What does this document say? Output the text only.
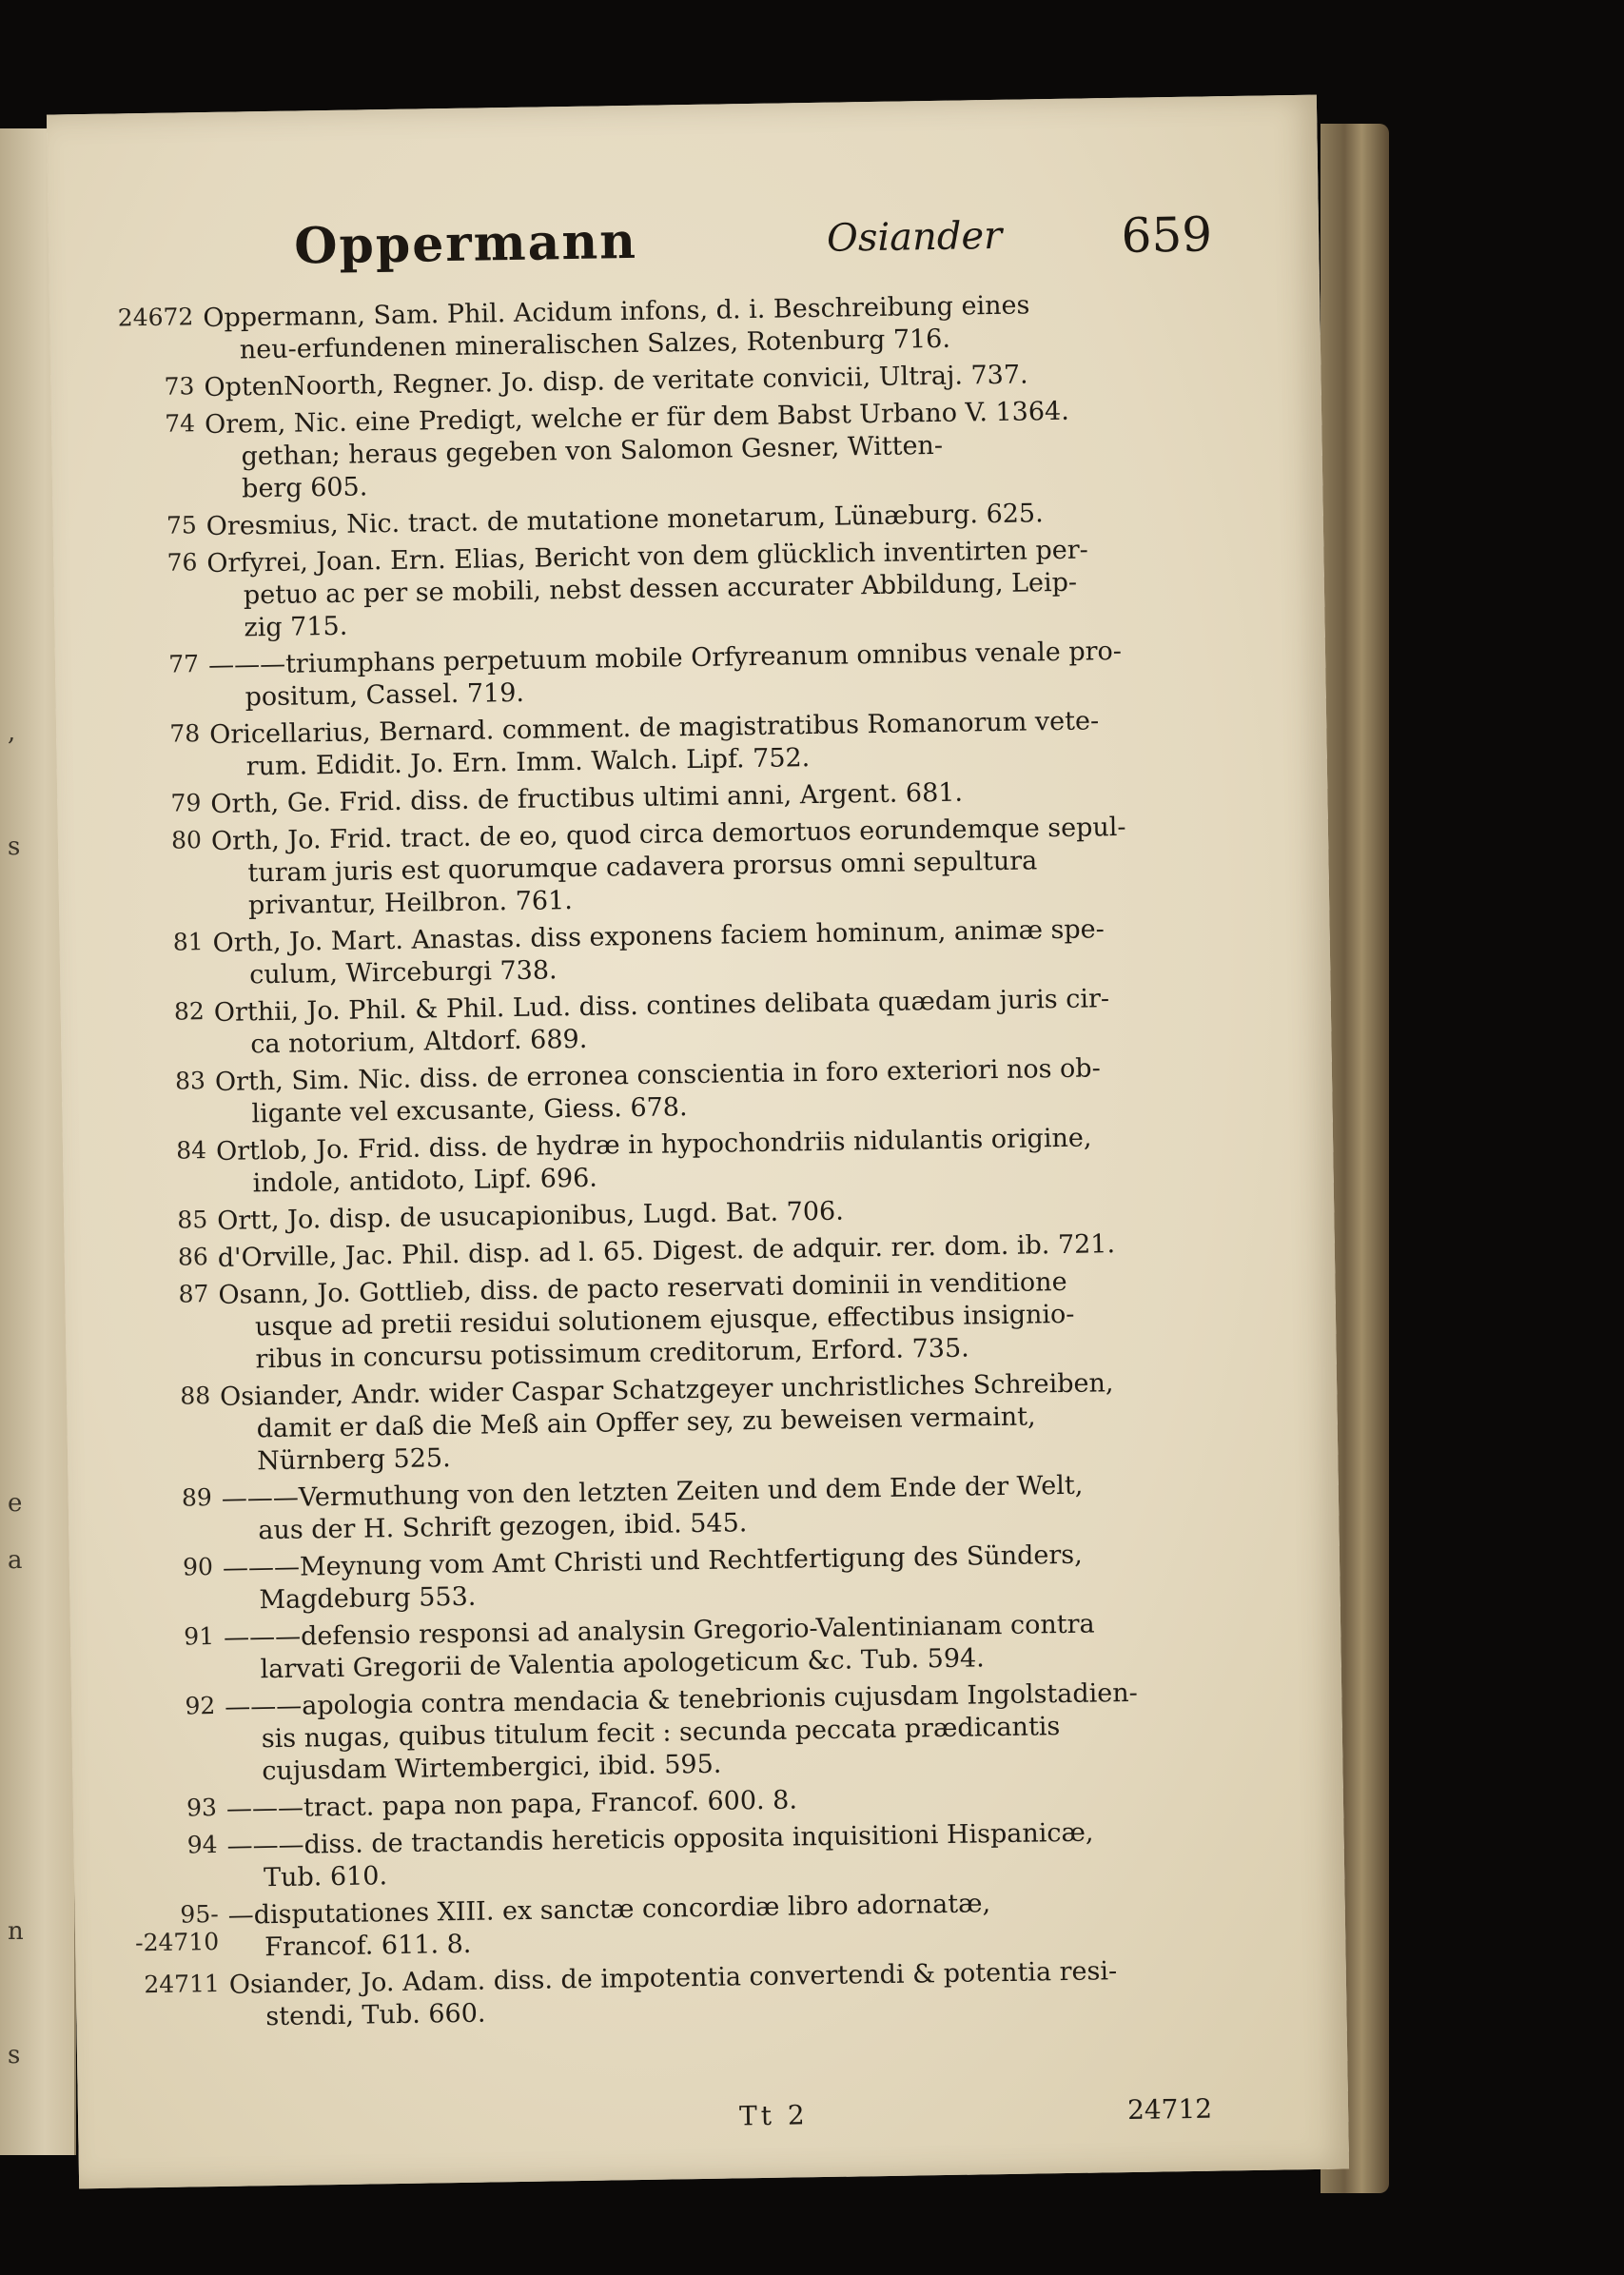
,
s
e
a
n
s
Oppermann	Osiander 659
24672 Oppermann, Sam. Phil. Acidum infons, d. i. Beschreibung eines
neu-erfundenen mineralischen Salzes, Rotenburg 716.
73 OptenNoorth, Regner. Jo. disp. de veritate convicii, Ultraj. 737.
74 Orem, Nic. eine Predigt, welche er für dem Babst Urbano V. 1364.
gethan; heraus gegeben von Salomon Gesner, Witten-
berg 605.
75 Oresmius, Nic. tract. de mutatione monetarum, Lünæburg. 625.
76 Orfyrei, Joan. Ern. Elias, Bericht von dem glücklich inventirten per-
petuo ac per se mobili, nebst dessen accurater Abbildung, Leip-
zig 715.
77 ———triumphans perpetuum mobile Orfyreanum omnibus venale pro-
positum, Cassel. 719.
78 Oricellarius, Bernard. comment. de magistratibus Romanorum vete-
rum. Edidit. Jo. Ern. Imm. Walch. Lipf. 752.
79 Orth, Ge. Frid. diss. de fructibus ultimi anni, Argent. 681.
80 Orth, Jo. Frid. tract. de eo, quod circa demortuos eorundemque sepul-
turam juris est quorumque cadavera prorsus omni sepultura
privantur, Heilbron. 761.
81 Orth, Jo. Mart. Anastas. diss exponens faciem hominum, animæ spe-
culum, Wirceburgi 738.
82 Orthii, Jo. Phil. & Phil. Lud. diss. contines delibata quædam juris cir-
ca notorium, Altdorf. 689.
83 Orth, Sim. Nic. diss. de erronea conscientia in foro exteriori nos ob-
ligante vel excusante, Giess. 678.
84 Ortlob, Jo. Frid. diss. de hydræ in hypochondriis nidulantis origine,
indole, antidoto, Lipf. 696.
85 Ortt, Jo. disp. de usucapionibus, Lugd. Bat. 706.
86 d'Orville, Jac. Phil. disp. ad l. 65. Digest. de adquir. rer. dom. ib. 721.
87 Osann, Jo. Gottlieb, diss. de pacto reservati dominii in venditione
usque ad pretii residui solutionem ejusque, effectibus insignio-
ribus in concursu potissimum creditorum, Erford. 735.
88 Osiander, Andr. wider Caspar Schatzgeyer unchristliches Schreiben,
damit er daß die Meß ain Opffer sey, zu beweisen vermaint,
Nürnberg 525.
89 ———Vermuthung von den letzten Zeiten und dem Ende der Welt,
aus der H. Schrift gezogen, ibid. 545.
90 ———Meynung vom Amt Christi und Rechtfertigung des Sünders,
Magdeburg 553.
91 ———defensio responsi ad analysin Gregorio-Valentinianam contra
larvati Gregorii de Valentia apologeticum &c. Tub. 594.
92 ———apologia contra mendacia & tenebrionis cujusdam Ingolstadien-
sis nugas, quibus titulum fecit : secunda peccata prædicantis
cujusdam Wirtembergici, ibid. 595.
93 ———tract. papa non papa, Francof. 600. 8.
94 ———diss. de tractandis hereticis opposita inquisitioni Hispanicæ,
Tub. 610.
95--24710
—disputationes XIII. ex sanctæ concordiæ libro adornatæ,
Francof. 611. 8.
24711 Osiander, Jo. Adam. diss. de impotentia convertendi & potentia resi-
stendi, Tub. 660.
Tt 2	24712
